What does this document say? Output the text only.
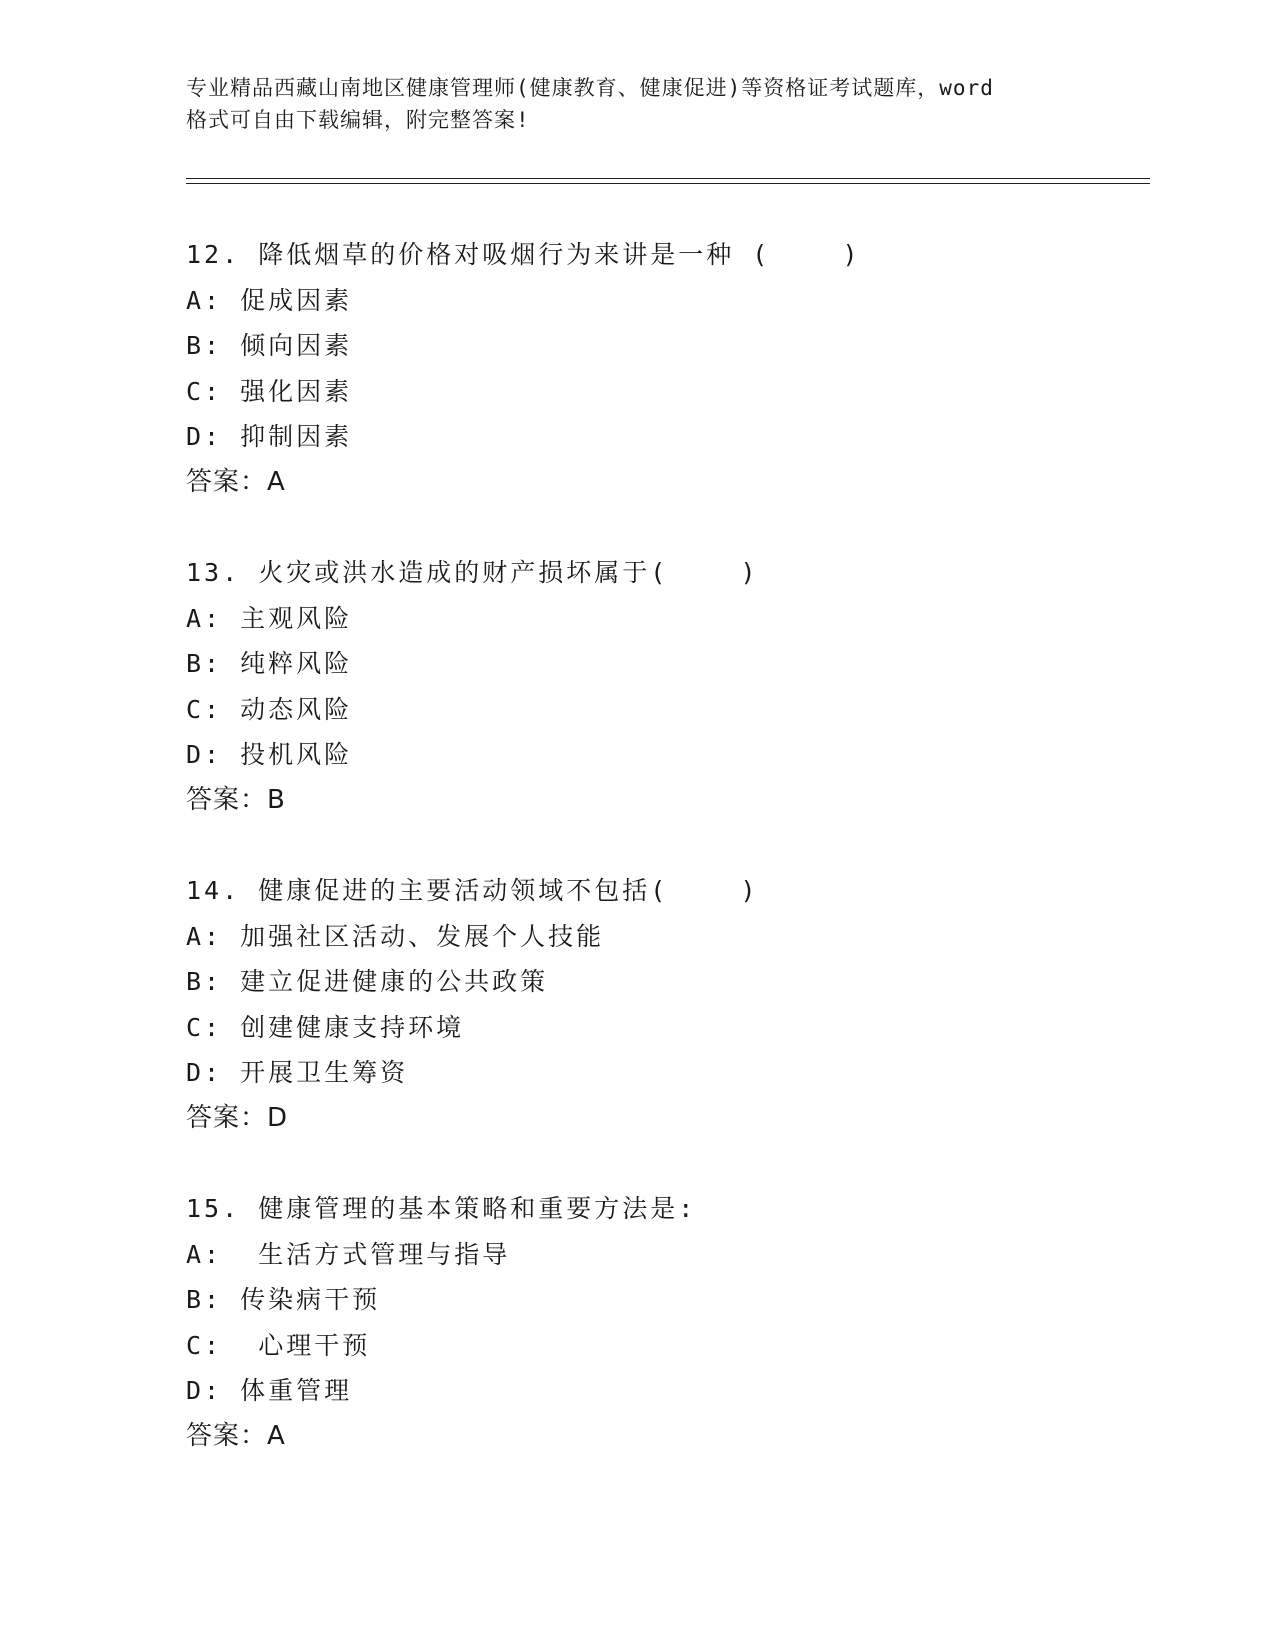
专业精品西藏山南地区健康管理师(健康教育、健康促进)等资格证考试题库，word

格式可自由下载编辑，附完整答案!

12. 降低烟草的价格对吸烟行为来讲是一种 (    )
A: 促成因素
B: 倾向因素
C: 强化因素
D: 抑制因素
答案：A
13. 火灾或洪水造成的财产损坏属于(    )
A: 主观风险
B: 纯粹风险
C: 动态风险
D: 投机风险
答案：B
14. 健康促进的主要活动领域不包括(    )
A: 加强社区活动、发展个人技能
B: 建立促进健康的公共政策
C: 创建健康支持环境
D: 开展卫生筹资
答案：D
15. 健康管理的基本策略和重要方法是:
A:  生活方式管理与指导
B: 传染病干预
C:  心理干预
D: 体重管理
答案：A
